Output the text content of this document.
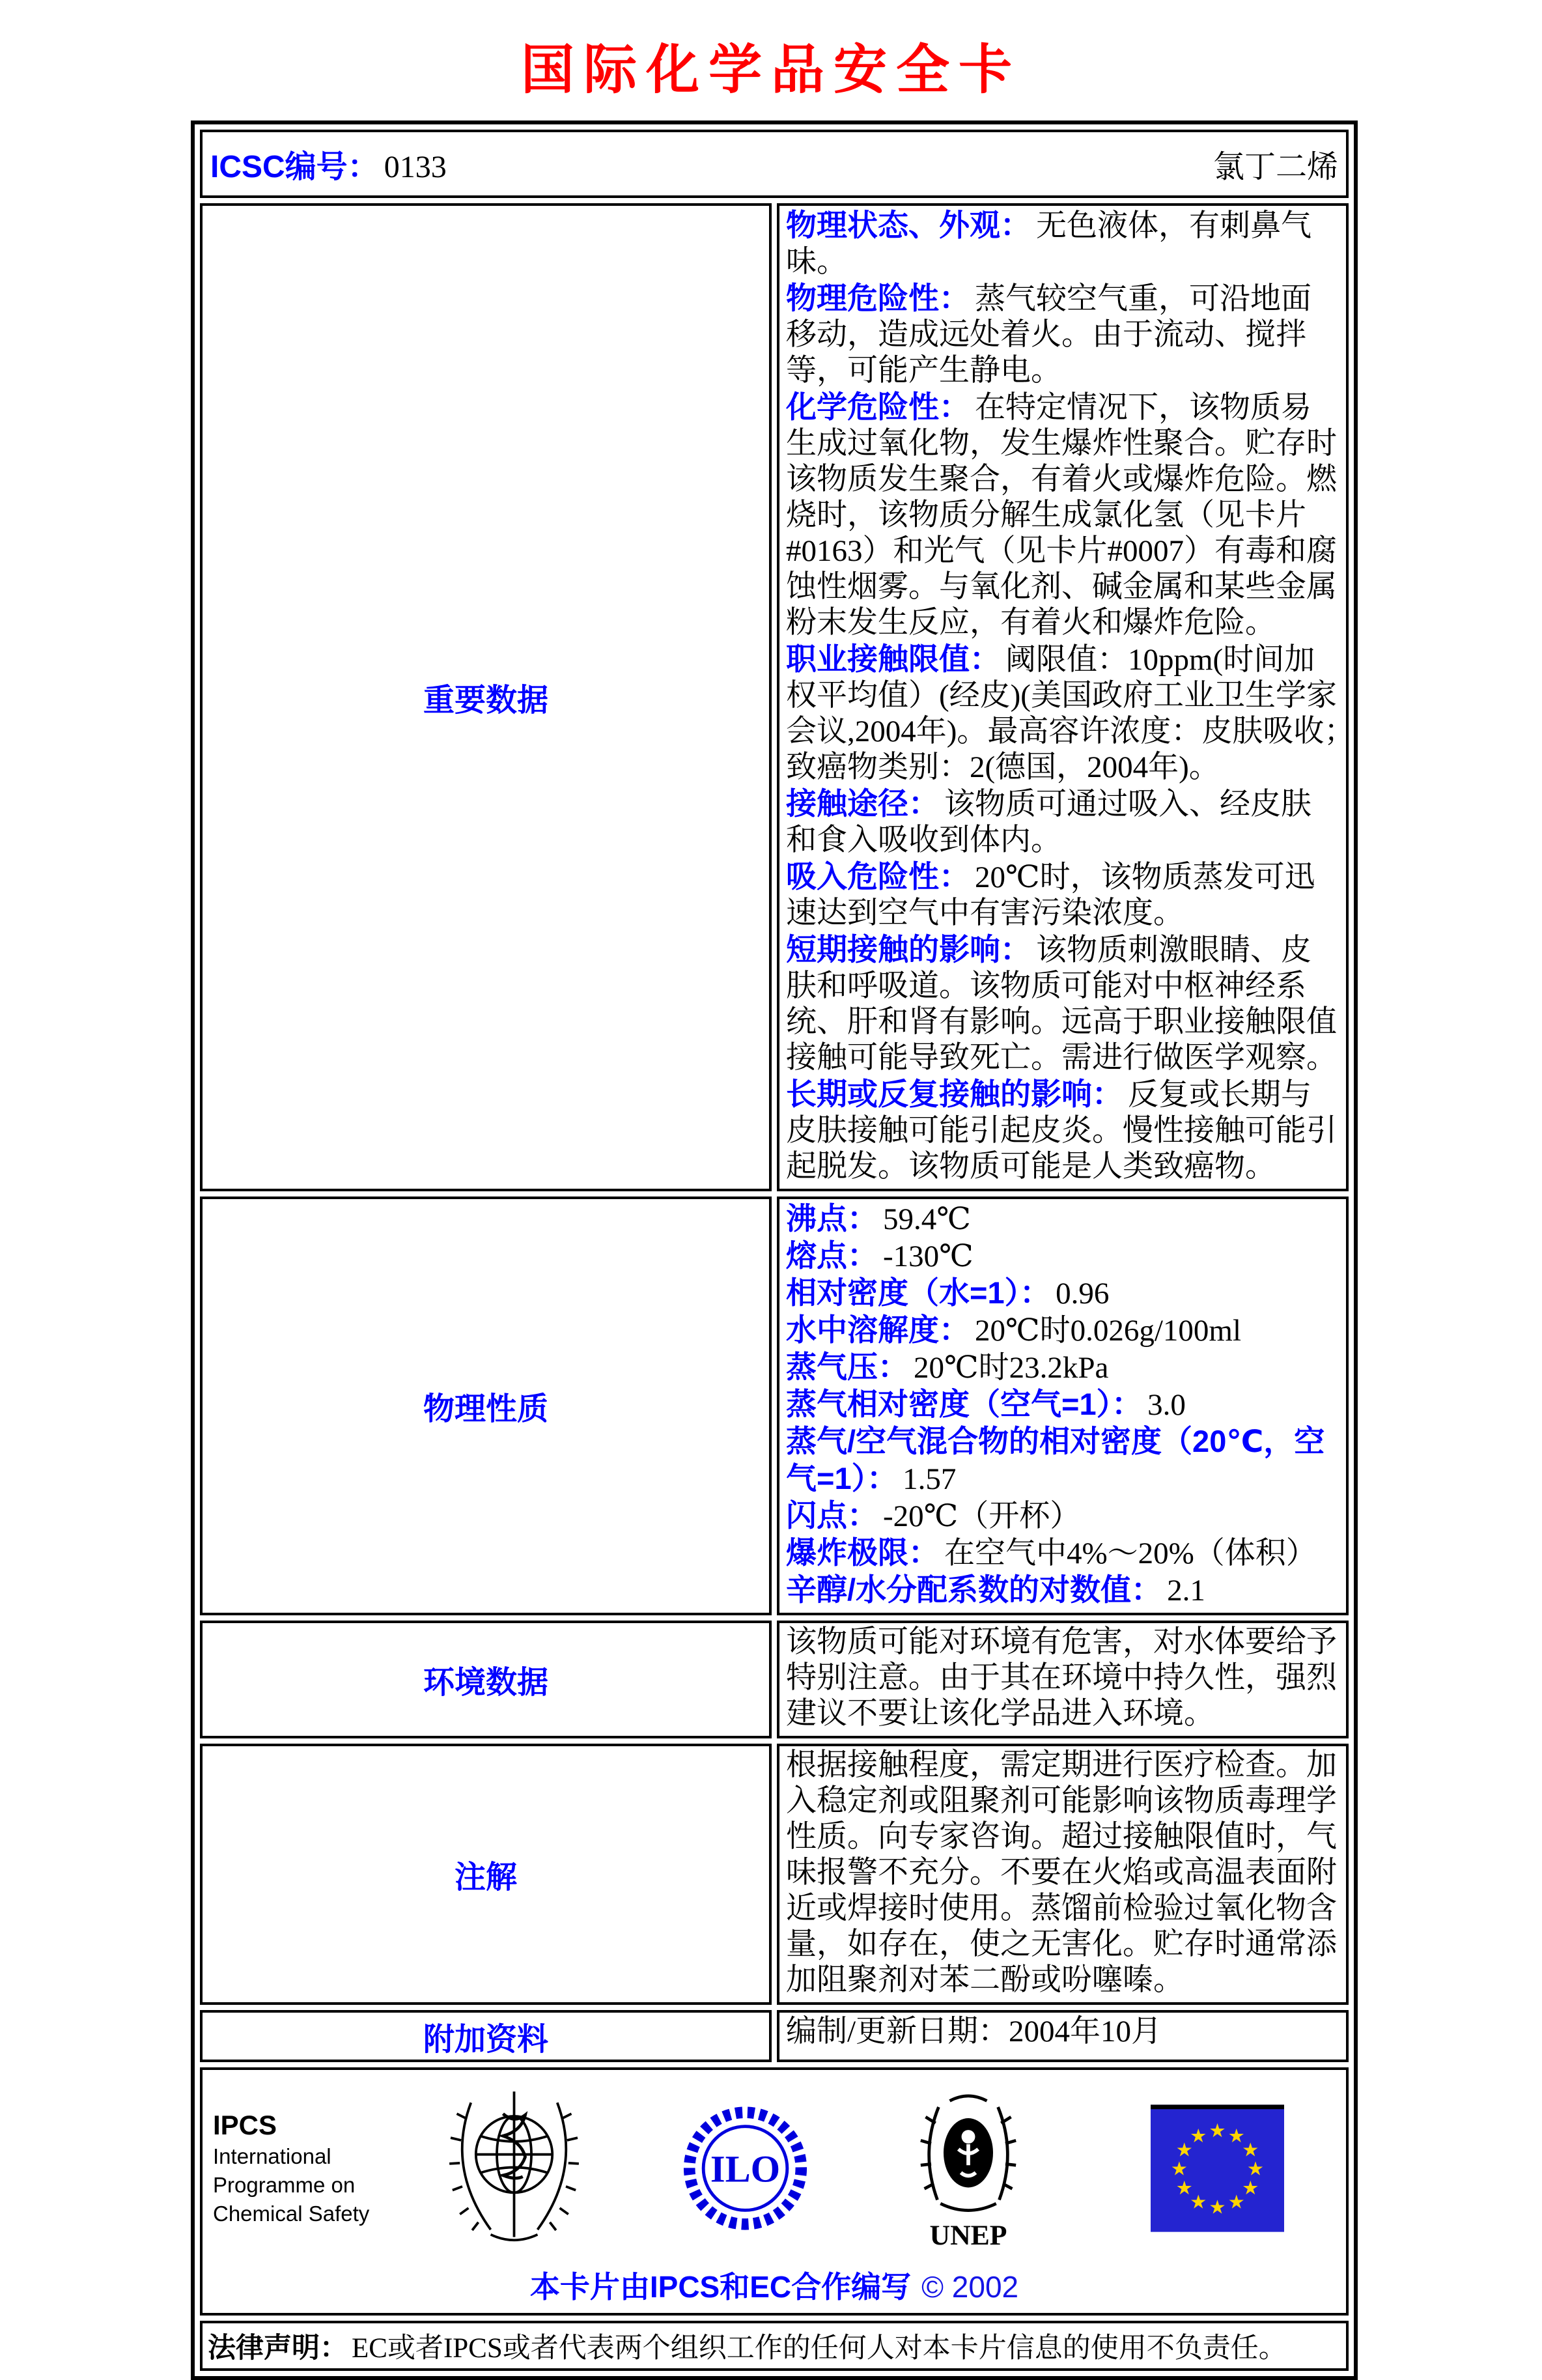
国际化学品安全卡
ICSC编号： 0133 氯丁二烯	

重要数据	
物理状态、外观： 无色液体，有刺鼻气味。
物理危险性： 蒸气较空气重，可沿地面移动，造成远处着火。由于流动、搅拌等，可能产生静电。
化学危险性： 在特定情况下，该物质易生成过氧化物，发生爆炸性聚合。贮存时该物质发生聚合，有着火或爆炸危险。燃烧时，该物质分解生成氯化氢（见卡片#0163）和光气（见卡片#0007）有毒和腐蚀性烟雾。与氧化剂、碱金属和某些金属粉末发生反应，有着火和爆炸危险。
职业接触限值： 阈限值：10ppm(时间加权平均值）(经皮)(美国政府工业卫生学家会议,2004年)。最高容许浓度：皮肤吸收；　致癌物类别：2(德国，2004年)。
接触途径： 该物质可通过吸入、经皮肤和食入吸收到体内。
吸入危险性： 20℃时，该物质蒸发可迅速达到空气中有害污染浓度。
短期接触的影响： 该物质刺激眼睛、皮肤和呼吸道。该物质可能对中枢神经系统、肝和肾有影响。远高于职业接触限值接触可能导致死亡。需进行做医学观察。
长期或反复接触的影响： 反复或长期与皮肤接触可能引起皮炎。慢性接触可能引起脱发。该物质可能是人类致癌物。

物理性质	
沸点： 59.4℃
熔点： -130℃
相对密度（水=1）： 0.96
水中溶解度： 20℃时0.026g/100ml
蒸气压： 20℃时23.2kPa
蒸气相对密度（空气=1）： 3.0
蒸气/空气混合物的相对密度（20℃，空气=1）： 1.57
闪点： -20℃（开杯）
爆炸极限： 在空气中4%～20%（体积）
辛醇/水分配系数的对数值： 2.1

环境数据	该物质可能对环境有危害，对水体要给予特别注意。由于其在环境中持久性，强烈建议不要让该化学品进入环境。
注解	根据接触程度，需定期进行医疗检查。加入稳定剂或阻聚剂可能影响该物质毒理学性质。向专家咨询。超过接触限值时，气味报警不充分。不要在火焰或高温表面附近或焊接时使用。蒸馏前检验过氧化物含量，如存在，使之无害化。贮存时通常添加阻聚剂对苯二酚或吩噻嗪。
附加资料	编制/更新日期：2004年10月

IPCS
International
Programme on
Chemical Safety
ILO
UNEP
★ ★
★
★
★
★
★
★
★
★
★
★
本卡片由IPCS和EC合作编写 © 2002

法律声明： EC或者IPCS或者代表两个组织工作的任何人对本卡片信息的使用不负责任。	
